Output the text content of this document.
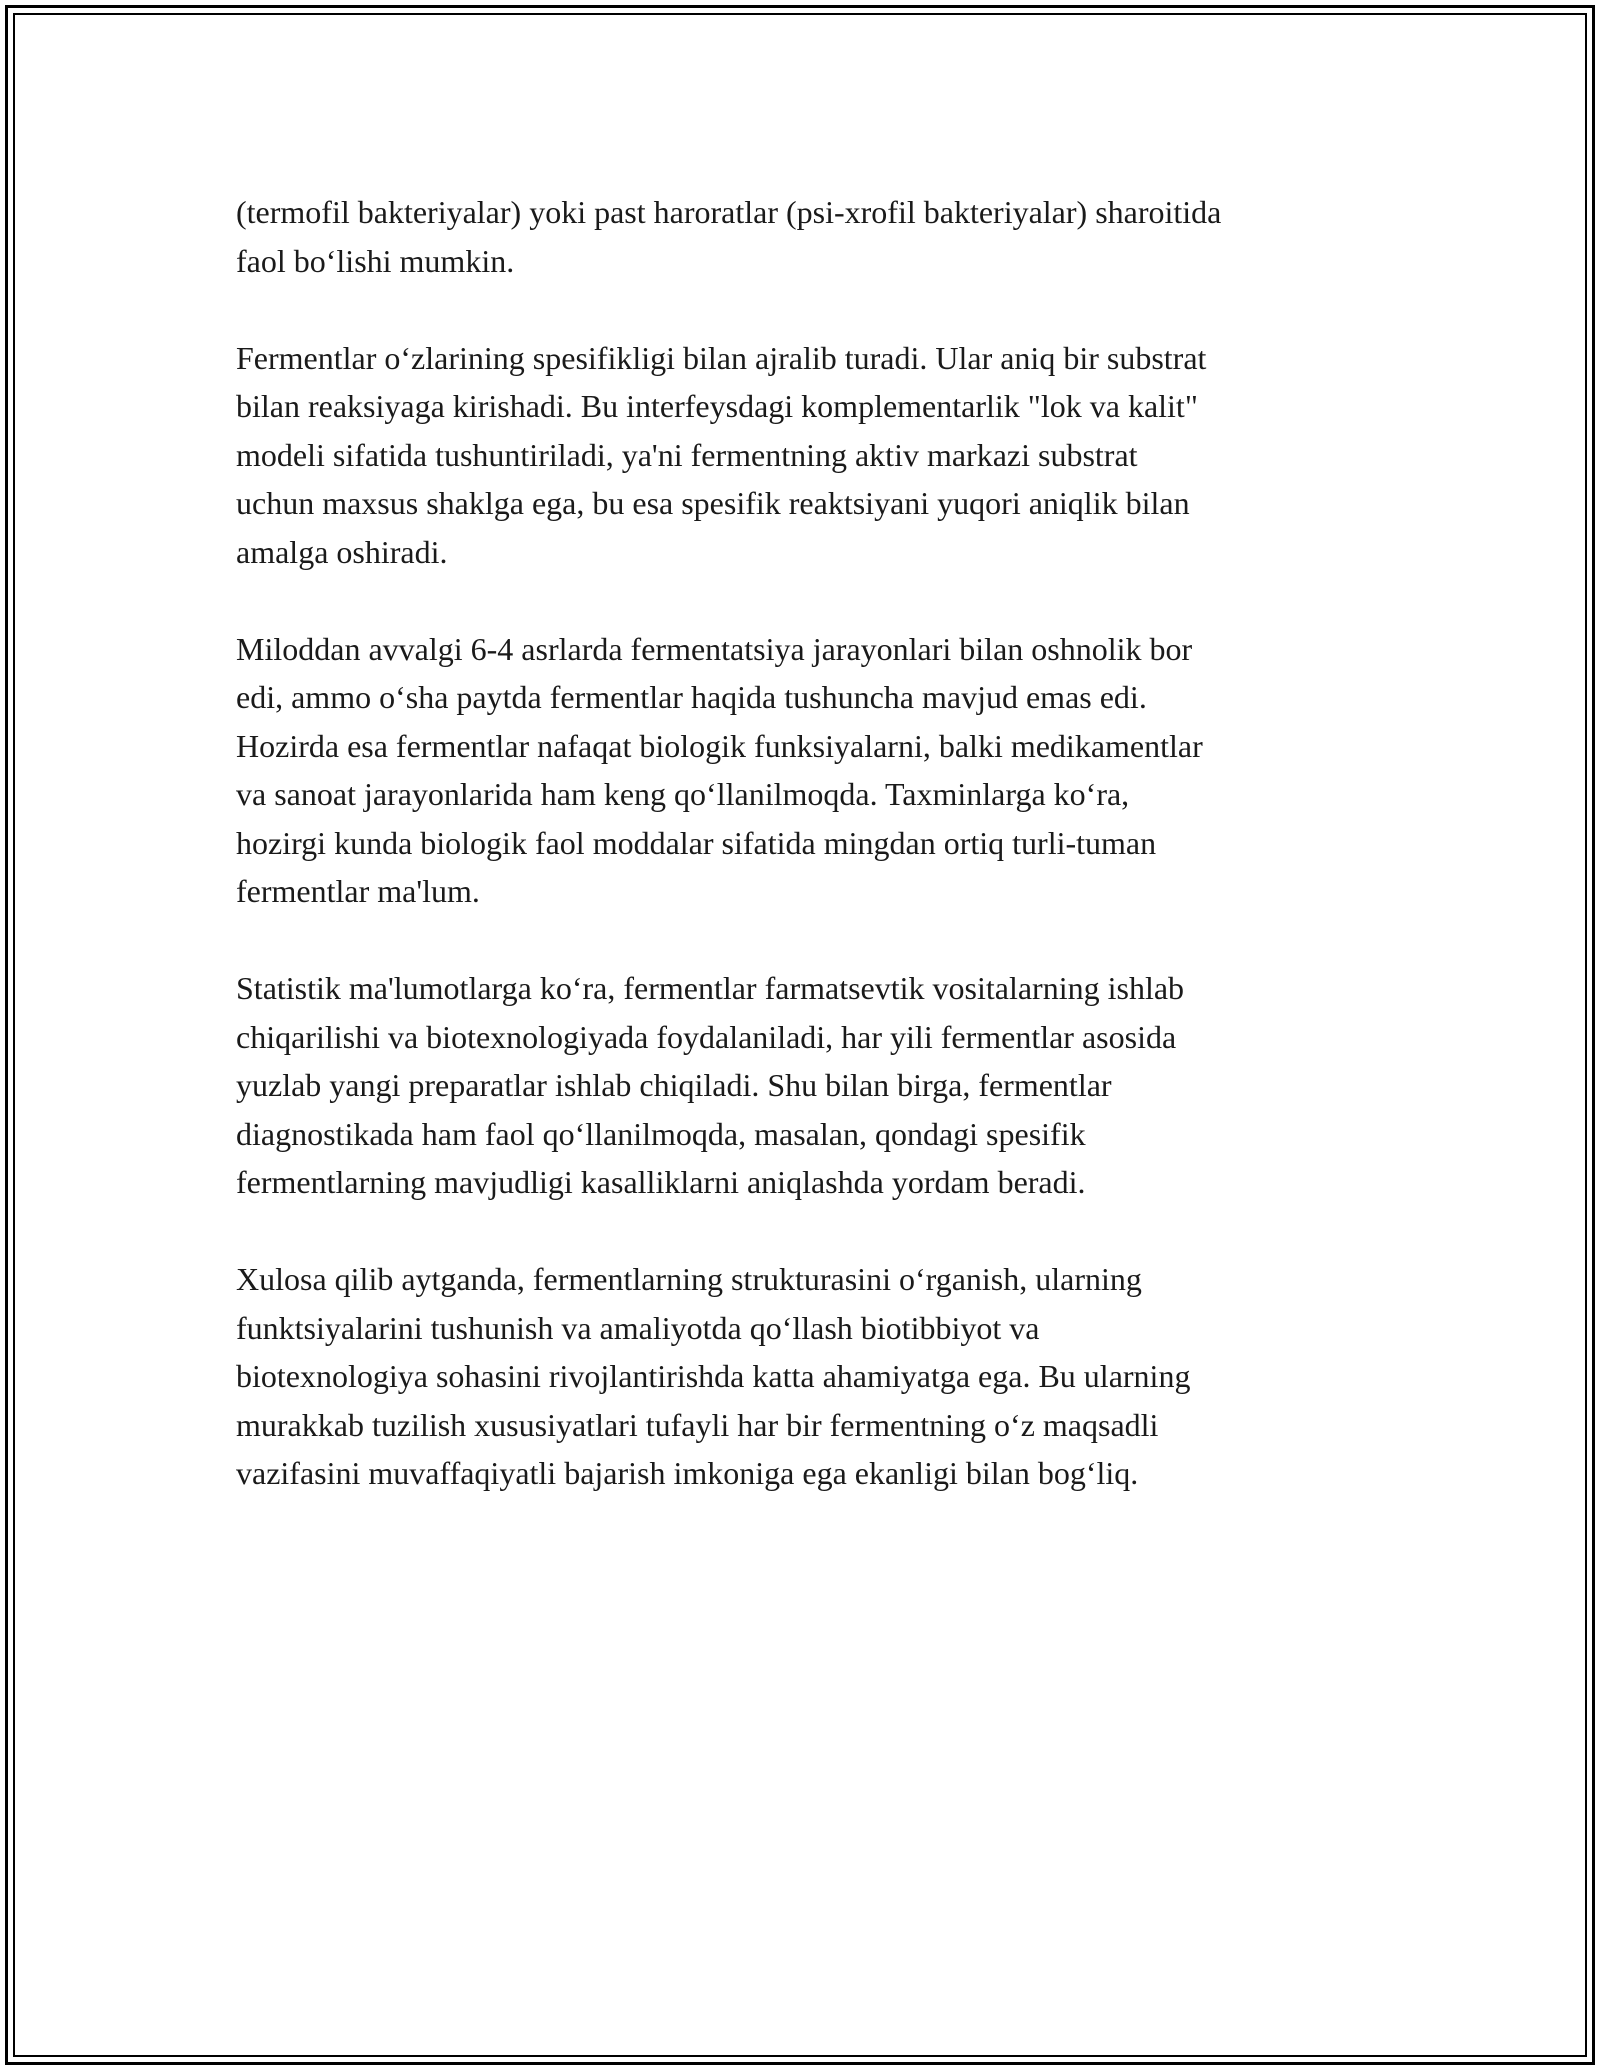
(termofil bakteriyalar) yoki past haroratlar (psi-xrofil bakteriyalar) sharoitida
faol bo‘lishi mumkin.

Fermentlar o‘zlarining spesifikligi bilan ajralib turadi. Ular aniq bir substrat
bilan reaksiyaga kirishadi. Bu interfeysdagi komplementarlik "lok va kalit"
modeli sifatida tushuntiriladi, ya'ni fermentning aktiv markazi substrat
uchun maxsus shaklga ega, bu esa spesifik reaktsiyani yuqori aniqlik bilan
amalga oshiradi.

Miloddan avvalgi 6-4 asrlarda fermentatsiya jarayonlari bilan oshnolik bor
edi, ammo o‘sha paytda fermentlar haqida tushuncha mavjud emas edi.
Hozirda esa fermentlar nafaqat biologik funksiyalarni, balki medikamentlar
va sanoat jarayonlarida ham keng qo‘llanilmoqda. Taxminlarga ko‘ra,
hozirgi kunda biologik faol moddalar sifatida mingdan ortiq turli-tuman
fermentlar ma'lum.

Statistik ma'lumotlarga ko‘ra, fermentlar farmatsevtik vositalarning ishlab
chiqarilishi va biotexnologiyada foydalaniladi, har yili fermentlar asosida
yuzlab yangi preparatlar ishlab chiqiladi. Shu bilan birga, fermentlar
diagnostikada ham faol qo‘llanilmoqda, masalan, qondagi spesifik
fermentlarning mavjudligi kasalliklarni aniqlashda yordam beradi.

Xulosa qilib aytganda, fermentlarning strukturasini o‘rganish, ularning
funktsiyalarini tushunish va amaliyotda qo‘llash biotibbiyot va
biotexnologiya sohasini rivojlantirishda katta ahamiyatga ega. Bu ularning
murakkab tuzilish xususiyatlari tufayli har bir fermentning o‘z maqsadli
vazifasini muvaffaqiyatli bajarish imkoniga ega ekanligi bilan bog‘liq.
